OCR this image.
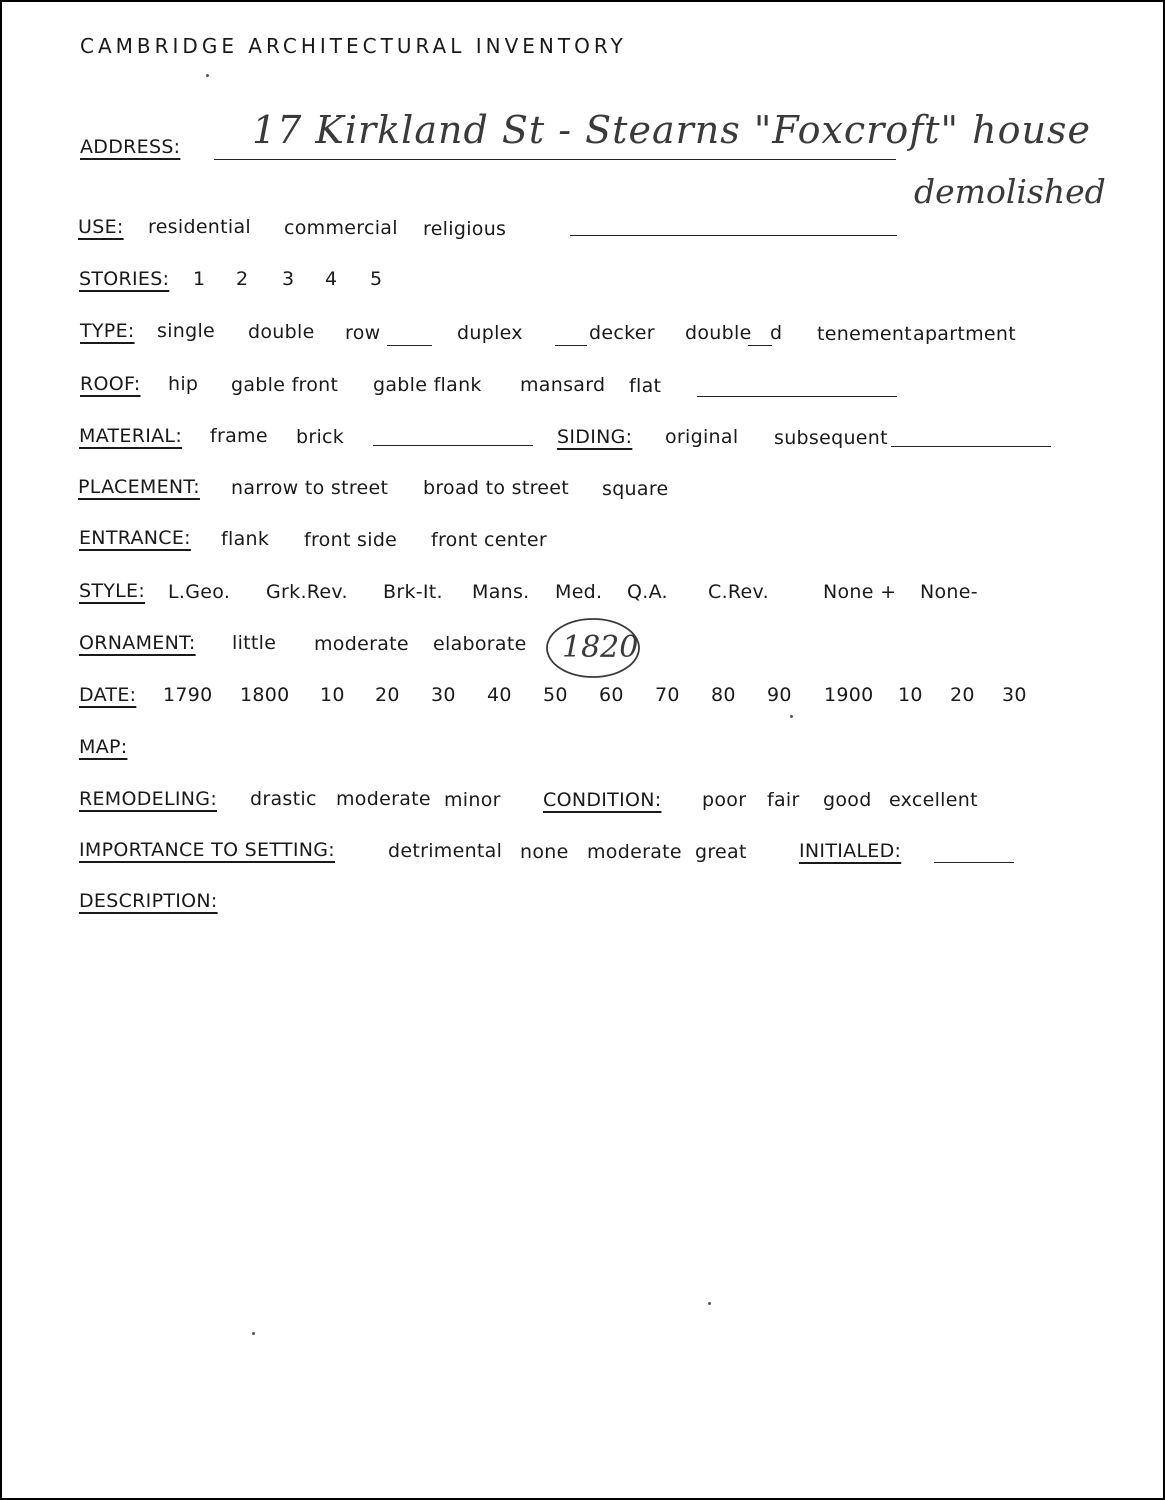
CAMBRIDGE ARCHITECTURAL INVENTORY
ADDRESS: 17 Kirkland St - Stearns "Foxcroft" house
demolished
USE: residential commercial religious
STORIES: 1 2 3 4 5
TYPE: single double row	duplex	decker double d tenement apartment
ROOF: hip gable front gable flank mansard flat
MATERIAL: frame brick	SIDING: original subsequent
PLACEMENT: narrow to street broad to street square
ENTRANCE: flank front side front center
STYLE: L.Geo. Grk.Rev. Brk-It. Mans. Med. Q.A. C.Rev.	None + None-
ORNAMENT: little moderate elaborate 1820
DATE: 1790 1800 10 20 30 40 50 60 70 80 90 1900 10 20 30
MAP:
REMODELING: drastic moderate minor CONDITION: poor fair good excellent
IMPORTANCE TO SETTING:	detrimental none moderate great	INITIALED:
DESCRIPTION:
